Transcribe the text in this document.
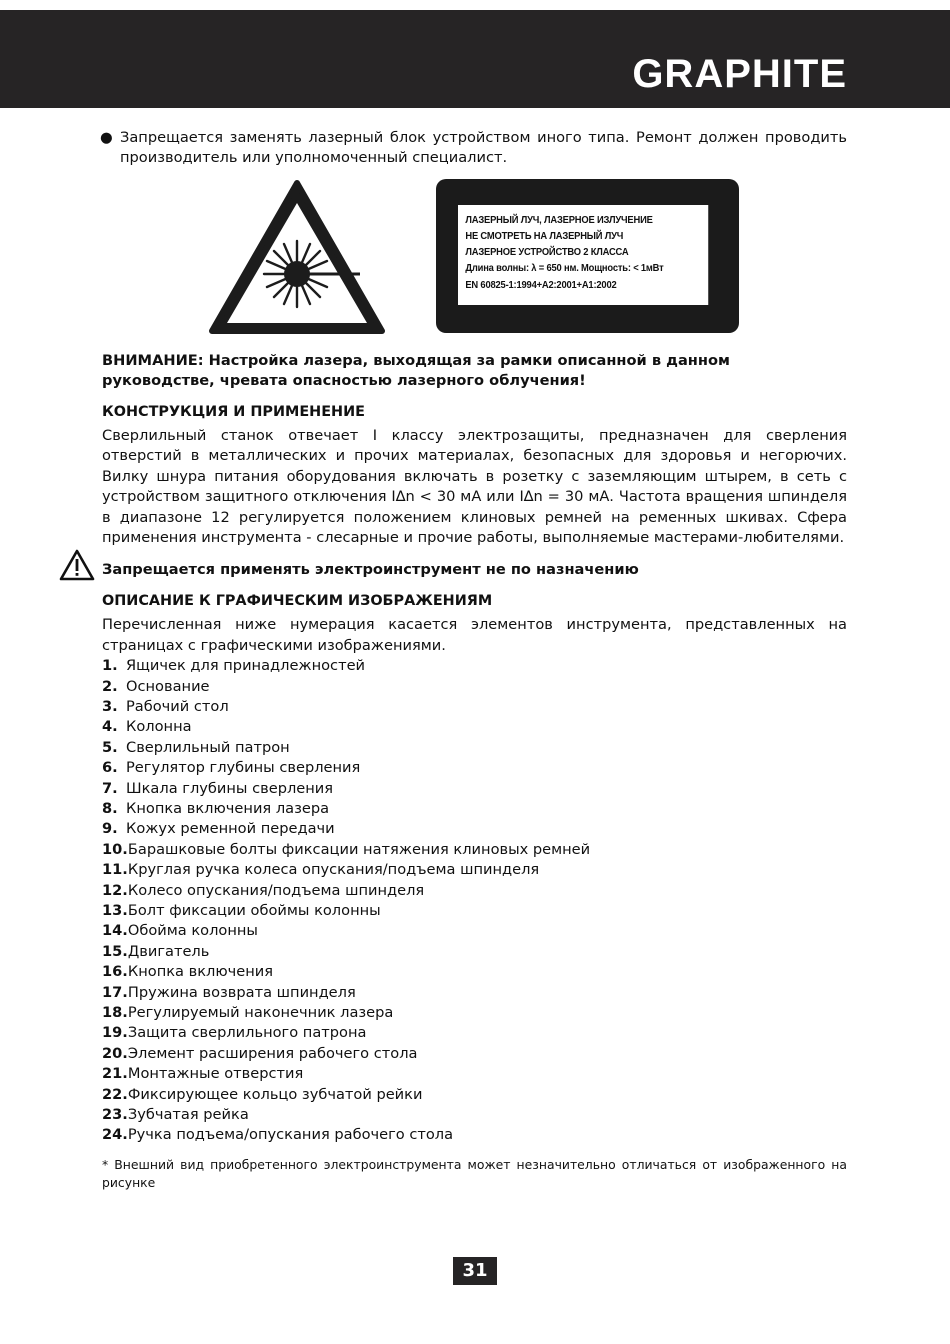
GRAPHITE
● Запрещается заменять лазерный блок устройством иного типа. Ремонт должен проводить производитель или уполномоченный специалист.
ЛАЗЕРНЫЙ ЛУЧ, ЛАЗЕРНОЕ ИЗЛУЧЕНИЕ
НЕ СМОТРЕТЬ НА ЛАЗЕРНЫЙ ЛУЧ
ЛАЗЕРНОЕ УСТРОЙСТВО 2 КЛАССА
Длина волны: λ = 650 нм. Мощность: < 1мВт
EN 60825-1:1994+A2:2001+A1:2002
ВНИМАНИЕ: Настройка лазера, выходящая за рамки описанной в данном руководстве, чревата опасностью лазерного облучения!
КОНСТРУКЦИЯ И ПРИМЕНЕНИЕ
Сверлильный станок отвечает I классу электрозащиты, предназначен для сверления отверстий в металлических и прочих материалах, безопасных для здоровья и негорючих. Вилку шнура питания оборудования включать в розетку с заземляющим штырем, в сеть с устройством защитного отключения I∆n < 30 мА или I∆n = 30 мА. Частота вращения шпинделя в диапазоне 12 регулируется положением клиновых ремней на ременных шкивах. Сфера применения инструмента - слесарные и прочие работы, выполняемые мастерами-любителями.
Запрещается применять электроинструмент не по назначению
ОПИСАНИЕ К ГРАФИЧЕСКИМ ИЗОБРАЖЕНИЯМ
Перечисленная ниже нумерация касается элементов инструмента, представленных на страницах с графическими изображениями.
1. Ящичек для принадлежностей
2. Основание
3. Рабочий стол
4. Колонна
5. Сверлильный патрон
6. Регулятор глубины сверления
7. Шкала глубины сверления
8. Кнопка включения лазера
9. Кожух ременной передачи
10. Барашковые болты фиксации натяжения клиновых ремней
11. Круглая ручка колеса опускания/подъема шпинделя
12. Колесо опускания/подъема шпинделя
13. Болт фиксации обоймы колонны
14. Обойма колонны
15. Двигатель
16. Кнопка включения
17. Пружина возврата шпинделя
18. Регулируемый наконечник лазера
19. Защита сверлильного патрона
20. Элемент расширения рабочего стола
21. Монтажные отверстия
22. Фиксирующее кольцо зубчатой рейки
23. Зубчатая рейка
24. Ручка подъема/опускания рабочего стола
* Внешний вид приобретенного электроинструмента может незначительно отличаться от изображенного на рисунке
31
